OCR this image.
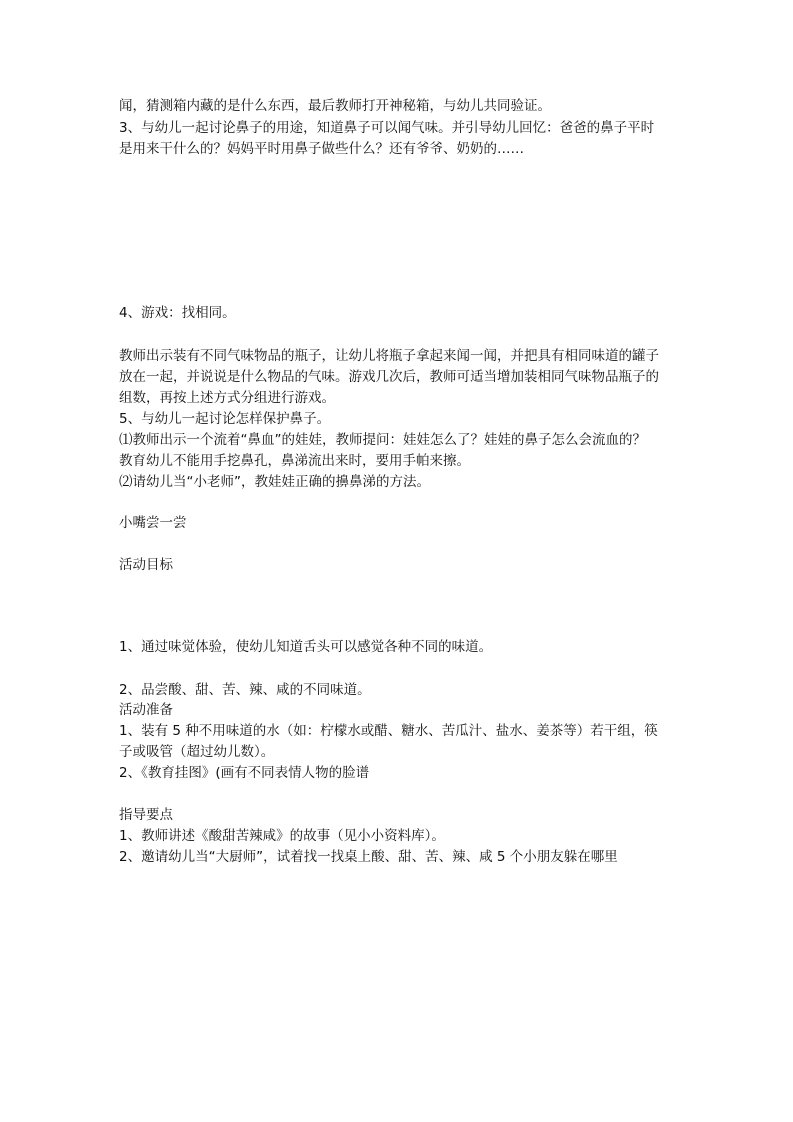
闻，猜测箱内藏的是什么东西，最后教师打开神秘箱，与幼儿共同验证。
3、与幼儿一起讨论鼻子的用途，知道鼻子可以闻气味。并引导幼儿回忆：爸爸的鼻子平时
是用来干什么的？妈妈平时用鼻子做些什么？还有爷爷、奶奶的……
4、游戏：找相同。
教师出示装有不同气味物品的瓶子，让幼儿将瓶子拿起来闻一闻，并把具有相同味道的罐子
放在一起，并说说是什么物品的气味。游戏几次后，教师可适当增加装相同气味物品瓶子的
组数，再按上述方式分组进行游戏。
5、与幼儿一起讨论怎样保护鼻子。
⑴教师出示一个流着“鼻血”的娃娃，教师提问：娃娃怎么了？娃娃的鼻子怎么会流血的？
教育幼儿不能用手挖鼻孔，鼻涕流出来时，要用手帕来擦。
⑵请幼儿当“小老师”，教娃娃正确的擤鼻涕的方法。
小嘴尝一尝
活动目标
1、通过味觉体验，使幼儿知道舌头可以感觉各种不同的味道。
2、品尝酸、甜、苦、辣、咸的不同味道。
活动准备
1、装有 5 种不用味道的水（如：柠檬水或醋、糖水、苦瓜汁、盐水、姜茶等）若干组，筷
子或吸管（超过幼儿数）。
2、《教育挂图》(画有不同表情人物的脸谱
指导要点
1、教师讲述《酸甜苦辣咸》的故事（见小小资料库）。
2、邀请幼儿当“大厨师”，试着找一找桌上酸、甜、苦、辣、咸 5 个小朋友躲在哪里
